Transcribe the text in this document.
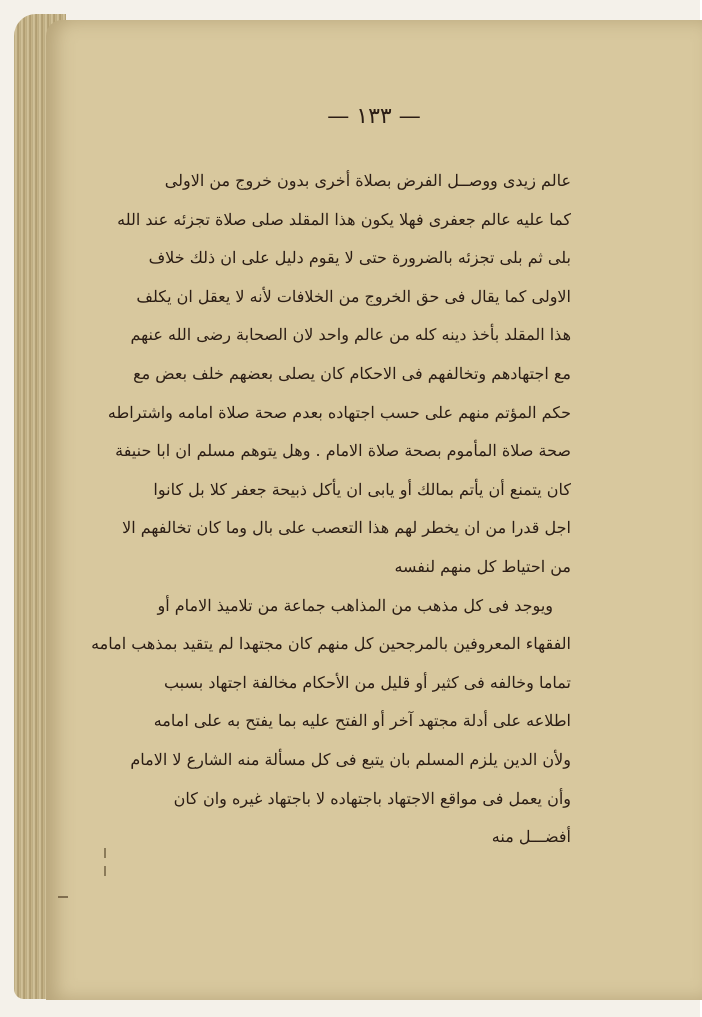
— ١٣٣ —
عالم زيدى ووصــل الفرض بصلاة أخرى بدون خروج من الاولى
كما عليه عالم جعفرى فهلا يكون هذا المقلد صلى صلاة تجزئه عند الله
بلى ثم بلى تجزئه بالضرورة حتى لا يقوم دليل على ان ذلك خلاف
الاولى كما يقال فى حق الخروج من الخلافات لأنه لا يعقل ان يكلف
هذا المقلد بأخذ دينه كله من عالم واحد لان الصحابة رضى الله عنهم
مع اجتهادهم وتخالفهم فى الاحكام كان يصلى بعضهم خلف بعض مع
حكم المؤتم منهم على حسب اجتهاده بعدم صحة صلاة امامه واشتراطه
صحة صلاة المأموم بصحة صلاة الامام . وهل يتوهم مسلم ان ابا حنيفة
كان يتمنع أن يأتم بمالك أو يابى ان يأكل ذبيحة جعفر كلا بل كانوا
اجل قدرا من ان يخطر لهم هذا التعصب على بال وما كان تخالفهم الا
من احتياط كل منهم لنفسه
ويوجد فى كل مذهب من المذاهب جماعة من تلاميذ الامام أو
الفقهاء المعروفين بالمرجحين كل منهم كان مجتهدا لم يتقيد بمذهب امامه
تماما وخالفه فى كثير أو قليل من الأحكام مخالفة اجتهاد بسبب
اطلاعه على أدلة مجتهد آخر أو الفتح عليه بما يفتح به على امامه
ولأن الدين يلزم المسلم بان يتبع فى كل مسألة منه الشارع لا الامام
وأن يعمل فى مواقع الاجتهاد باجتهاده لا باجتهاد غيره وان كان
أفضـــل منه
